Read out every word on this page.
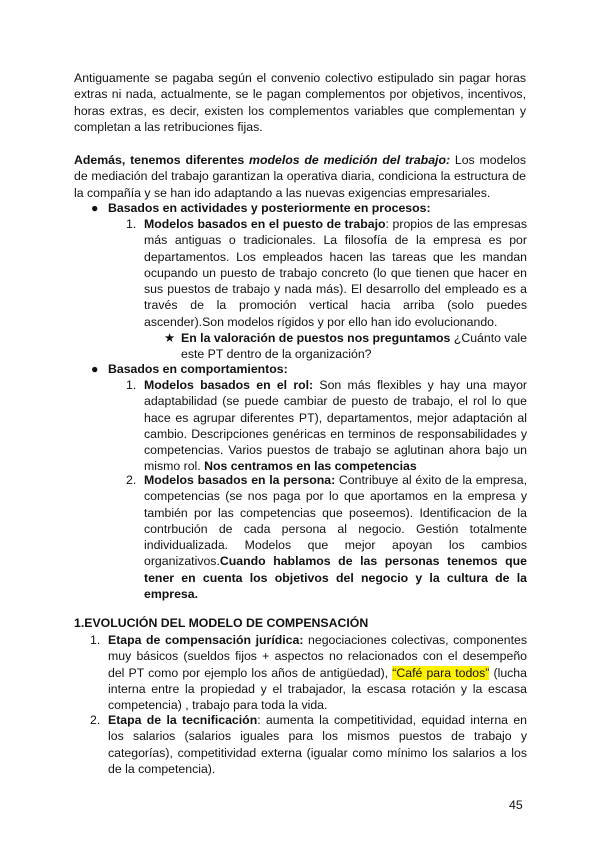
Antiguamente se pagaba según el convenio colectivo estipulado sin pagar horas extras ni nada, actualmente, se le pagan complementos por objetivos, incentivos, horas extras, es decir, existen los complementos variables que complementan y completan a las retribuciones fijas.

Además, tenemos diferentes modelos de medición del trabajo: Los modelos de mediación del trabajo garantizan la operativa diaria, condiciona la estructura de la compañía y se han ido adaptando a las nuevas exigencias empresariales.

● Basados en actividades y posteriormente en procesos:

1. Modelos basados en el puesto de trabajo: propios de las empresas más antiguas o tradicionales. La filosofía de la empresa es por departamentos. Los empleados hacen las tareas que les mandan ocupando un puesto de trabajo concreto (lo que tienen que hacer en sus puestos de trabajo y nada más). El desarrollo del empleado es a través de la promoción vertical hacia arriba (solo puedes ascender).Son modelos rígidos y por ello han ido evolucionando.

★ En la valoración de puestos nos preguntamos ¿Cuánto vale este PT dentro de la organización?

● Basados en comportamientos:

1. Modelos basados en el rol: Son más flexibles y hay una mayor adaptabilidad (se puede cambiar de puesto de trabajo, el rol lo que hace es agrupar diferentes PT), departamentos, mejor adaptación al cambio. Descripciones genéricas en terminos de responsabilidades y competencias. Varios puestos de trabajo se aglutinan ahora bajo un mismo rol. Nos centramos en las competencias

2. Modelos basados en la persona: Contribuye al éxito de la empresa, competencias (se nos paga por lo que aportamos en la empresa y también por las competencias que poseemos). Identificacion de la contrbución de cada persona al negocio. Gestión totalmente individualizada. Modelos que mejor apoyan los cambios organizativos.Cuando hablamos de las personas tenemos que tener en cuenta los objetivos del negocio y la cultura de la empresa.

1.EVOLUCIÓN DEL MODELO DE COMPENSACIÓN

1. Etapa de compensación jurídica: negociaciones colectivas, componentes muy básicos (sueldos fijos + aspectos no relacionados con el desempeño del PT como por ejemplo los años de antigüedad), “Café para todos” (lucha interna entre la propiedad y el trabajador, la escasa rotación y la escasa competencia) , trabajo para toda la vida.

2. Etapa de la tecnificación: aumenta la competitividad, equidad interna en los salarios (salarios iguales para los mismos puestos de trabajo y categorías), competitividad externa (igualar como mínimo los salarios a los de la competencia).

45
